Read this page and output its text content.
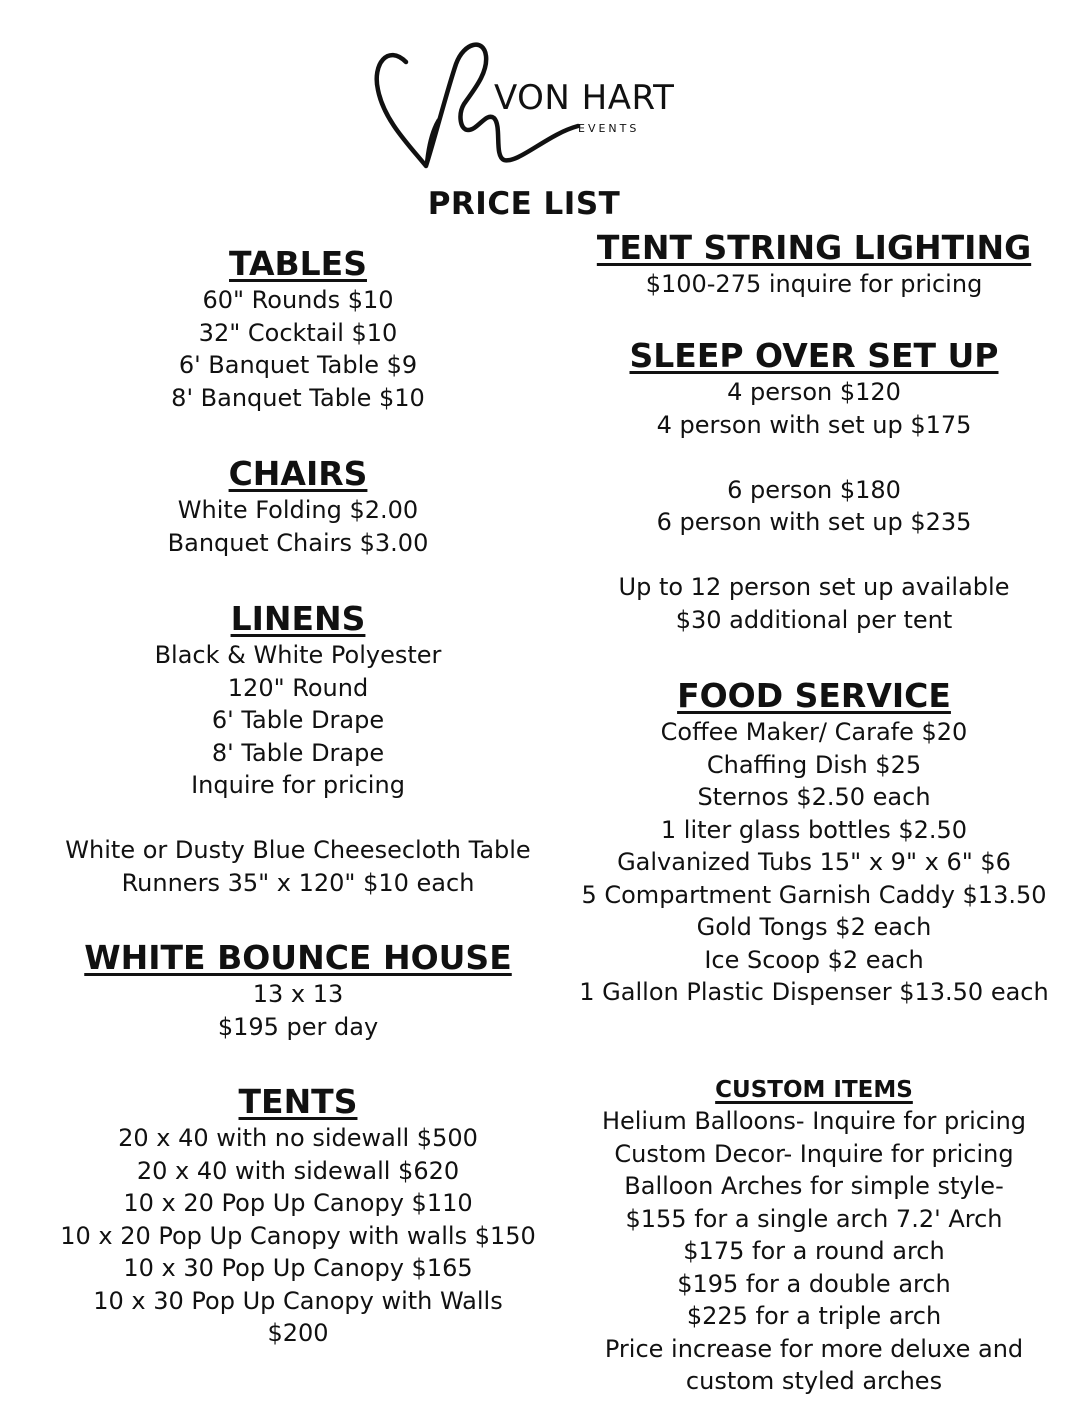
VON HART
EVENTS
PRICE LIST
TABLES
60" Rounds $10
32" Cocktail $10
6' Banquet Table $9
8' Banquet Table $10
CHAIRS
White Folding $2.00
Banquet Chairs $3.00
LINENS
Black & White Polyester
120" Round
6' Table Drape
8' Table Drape
Inquire for pricing
White or Dusty Blue Cheesecloth Table
Runners 35" x 120" $10 each
WHITE BOUNCE HOUSE
13 x 13
$195 per day
TENTS
20 x 40 with no sidewall $500
20 x 40 with sidewall $620
10 x 20 Pop Up Canopy $110
10 x 20 Pop Up Canopy with walls $150
10 x 30 Pop Up Canopy $165
10 x 30 Pop Up Canopy with Walls
$200
TENT STRING LIGHTING
$100-275 inquire for pricing
SLEEP OVER SET UP
4 person $120
4 person with set up $175
6 person $180
6 person with set up $235
Up to 12 person set up available
$30 additional per tent
FOOD SERVICE
Coffee Maker/ Carafe $20
Chaffing Dish $25
Sternos $2.50 each
1 liter glass bottles $2.50
Galvanized Tubs 15" x 9" x 6" $6
5 Compartment Garnish Caddy $13.50
Gold Tongs $2 each
Ice Scoop $2 each
1 Gallon Plastic Dispenser $13.50 each
CUSTOM ITEMS
Helium Balloons- Inquire for pricing
Custom Decor- Inquire for pricing
Balloon Arches for simple style-
$155 for a single arch 7.2' Arch
$175 for a round arch
$195 for a double arch
$225 for a triple arch
Price increase for more deluxe and
custom styled arches
